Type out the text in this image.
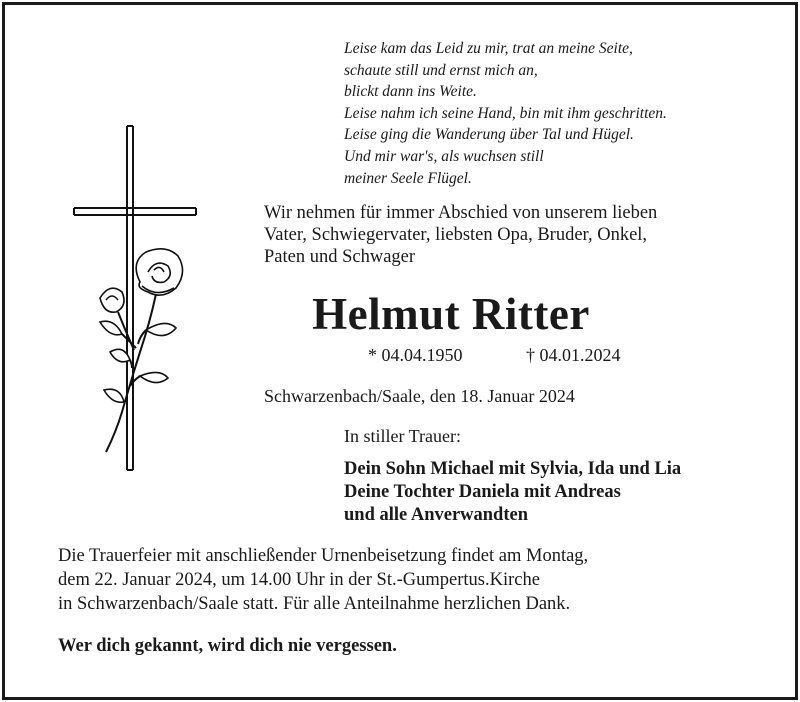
Leise kam das Leid zu mir, trat an meine Seite,
schaute still und ernst mich an,
blickt dann ins Weite.
Leise nahm ich seine Hand, bin mit ihm geschritten.
Leise ging die Wanderung über Tal und Hügel.
Und mir war's, als wuchsen still
meiner Seele Flügel.
Wir nehmen für immer Abschied von unserem lieben
Vater, Schwiegervater, liebsten Opa, Bruder, Onkel,
Paten und Schwager
Helmut Ritter
* 04.04.1950	† 04.01.2024
Schwarzenbach/Saale, den 18. Januar 2024
In stiller Trauer:
Dein Sohn Michael mit Sylvia, Ida und Lia
Deine Tochter Daniela mit Andreas
und alle Anverwandten
Die Trauerfeier mit anschließender Urnenbeisetzung findet am Montag,
dem 22. Januar 2024, um 14.00 Uhr in der St.-Gumpertus.Kirche
in Schwarzenbach/Saale statt. Für alle Anteilnahme herzlichen Dank.
Wer dich gekannt, wird dich nie vergessen.
